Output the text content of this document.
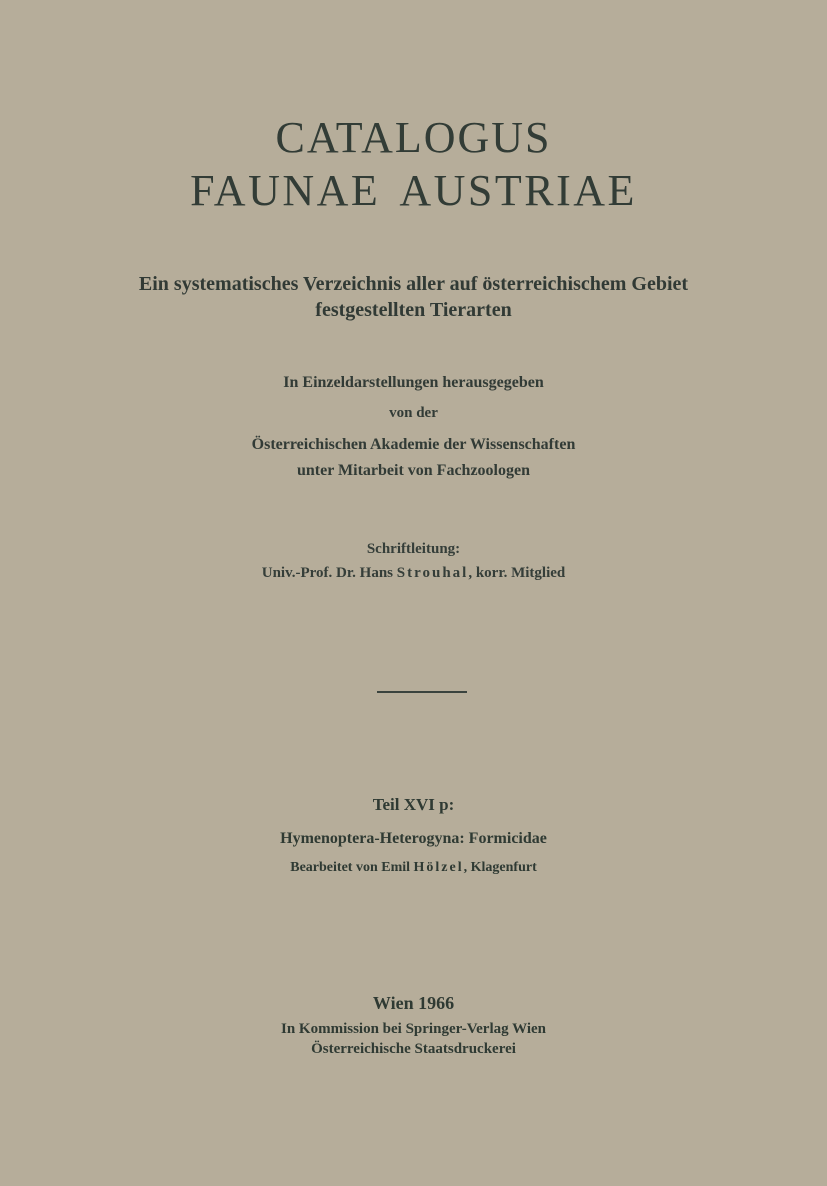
CATALOGUS
FAUNAE AUSTRIAE
Ein systematisches Verzeichnis aller auf österreichischem Gebiet
festgestellten Tierarten
In Einzeldarstellungen herausgegeben
von der
Österreichischen Akademie der Wissenschaften
unter Mitarbeit von Fachzoologen
Schriftleitung:
Univ.-Prof. Dr. Hans Strouhal, korr. Mitglied
Teil XVI p:
Hymenoptera-Heterogyna: Formicidae
Bearbeitet von Emil Hölzel, Klagenfurt
Wien 1966
In Kommission bei Springer-Verlag Wien
Österreichische Staatsdruckerei
